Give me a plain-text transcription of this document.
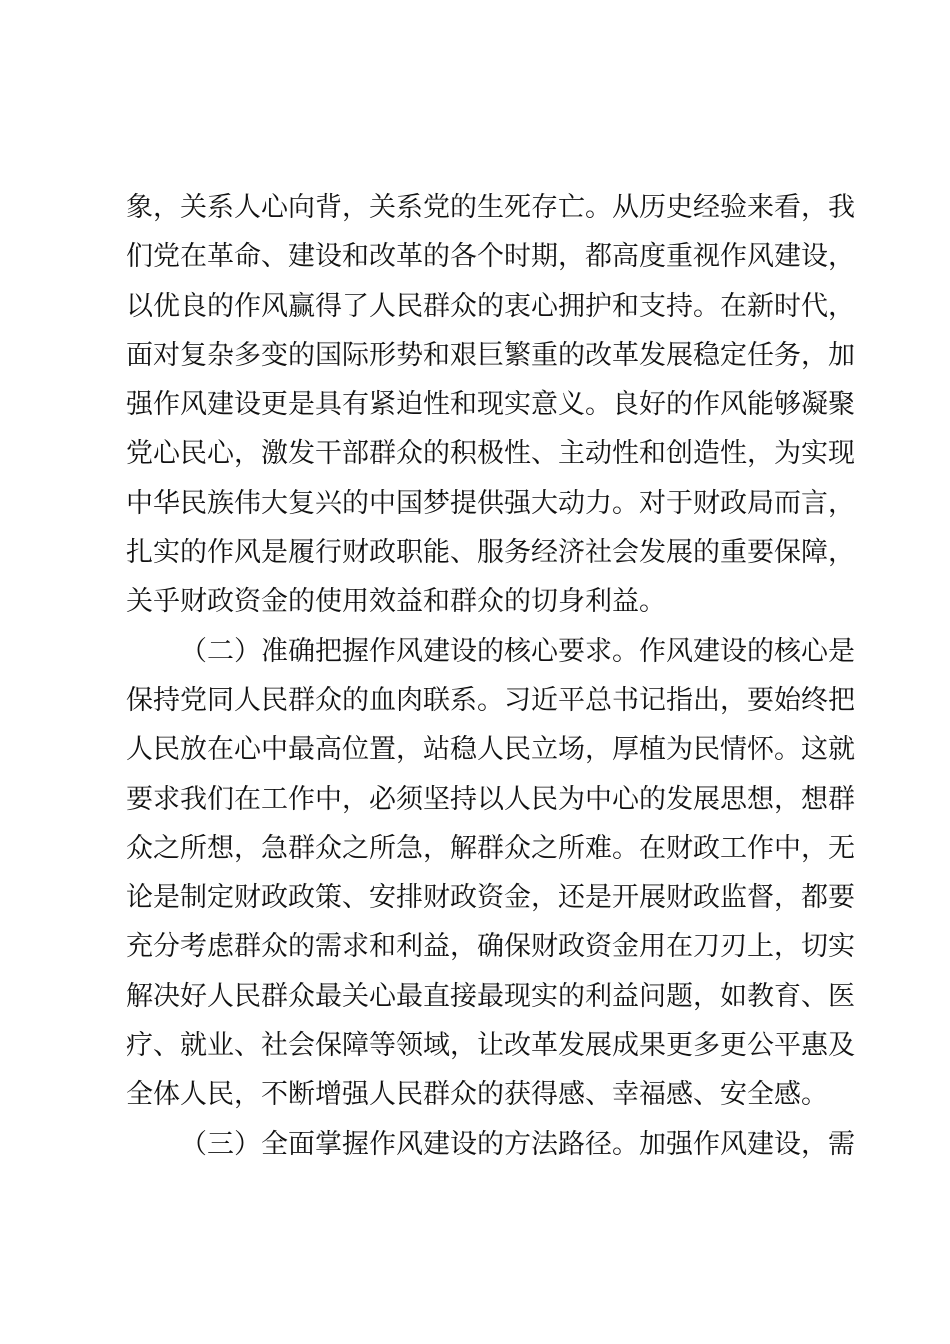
象，关系人心向背，关系党的生死存亡。从历史经验来看，我
们党在革命、建设和改革的各个时期，都高度重视作风建设，
以优良的作风赢得了人民群众的衷心拥护和支持。在新时代，
面对复杂多变的国际形势和艰巨繁重的改革发展稳定任务，加
强作风建设更是具有紧迫性和现实意义。良好的作风能够凝聚
党心民心，激发干部群众的积极性、主动性和创造性，为实现
中华民族伟大复兴的中国梦提供强大动力。对于财政局而言，
扎实的作风是履行财政职能、服务经济社会发展的重要保障，
关乎财政资金的使用效益和群众的切身利益。
（二）准确把握作风建设的核心要求。作风建设的核心是
保持党同人民群众的血肉联系。习近平总书记指出，要始终把
人民放在心中最高位置，站稳人民立场，厚植为民情怀。这就
要求我们在工作中，必须坚持以人民为中心的发展思想，想群
众之所想，急群众之所急，解群众之所难。在财政工作中，无
论是制定财政政策、安排财政资金，还是开展财政监督，都要
充分考虑群众的需求和利益，确保财政资金用在刀刃上，切实
解决好人民群众最关心最直接最现实的利益问题，如教育、医
疗、就业、社会保障等领域，让改革发展成果更多更公平惠及
全体人民，不断增强人民群众的获得感、幸福感、安全感。
（三）全面掌握作风建设的方法路径。加强作风建设，需
